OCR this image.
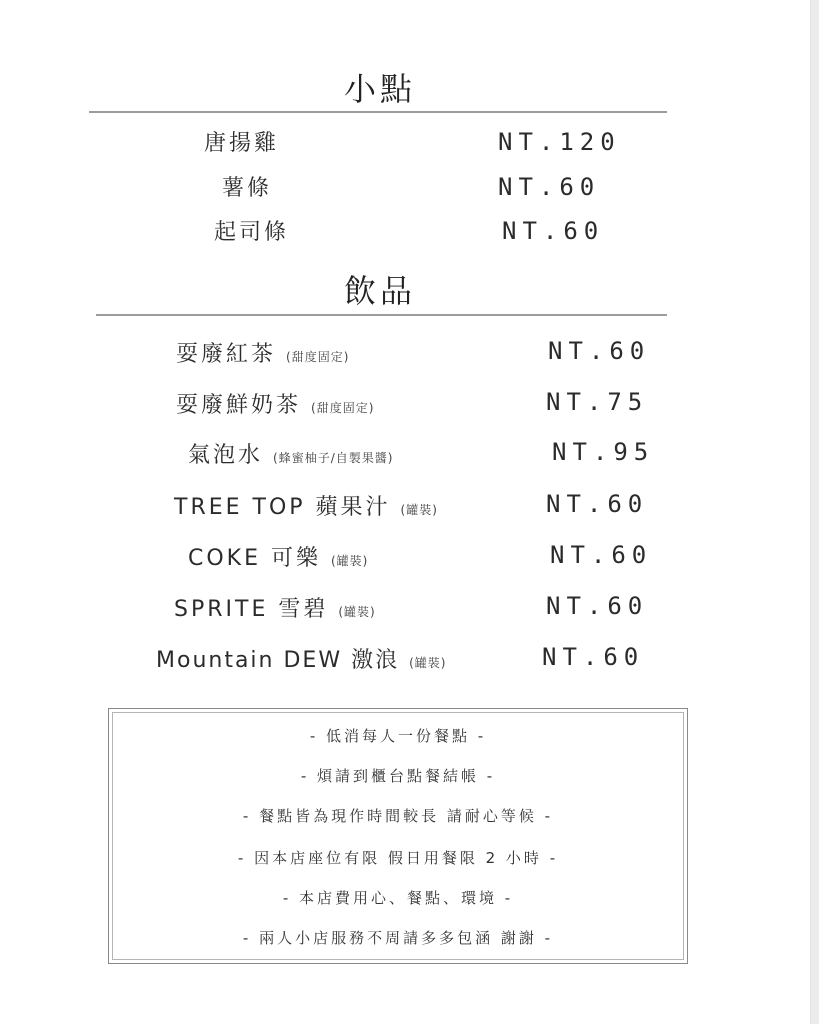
小點
唐揚雞	NT.120
薯條	NT.60
起司條	NT.60
飲品
耍廢紅茶 (甜度固定)	NT.60
耍廢鮮奶茶 (甜度固定)	NT.75
氣泡水 (蜂蜜柚子/自製果醬)	NT.95
TREE TOP 蘋果汁 (罐裝)	NT.60
COKE 可樂 (罐裝)	NT.60
SPRITE 雪碧 (罐裝)	NT.60
Mountain DEW 激浪 (罐裝)	NT.60
- 低消每人一份餐點 -
- 煩請到櫃台點餐結帳 -
- 餐點皆為現作時間較長 請耐心等候 -
- 因本店座位有限 假日用餐限 2 小時 -
- 本店費用心、餐點、環境 -
- 兩人小店服務不周請多多包涵 謝謝 -
